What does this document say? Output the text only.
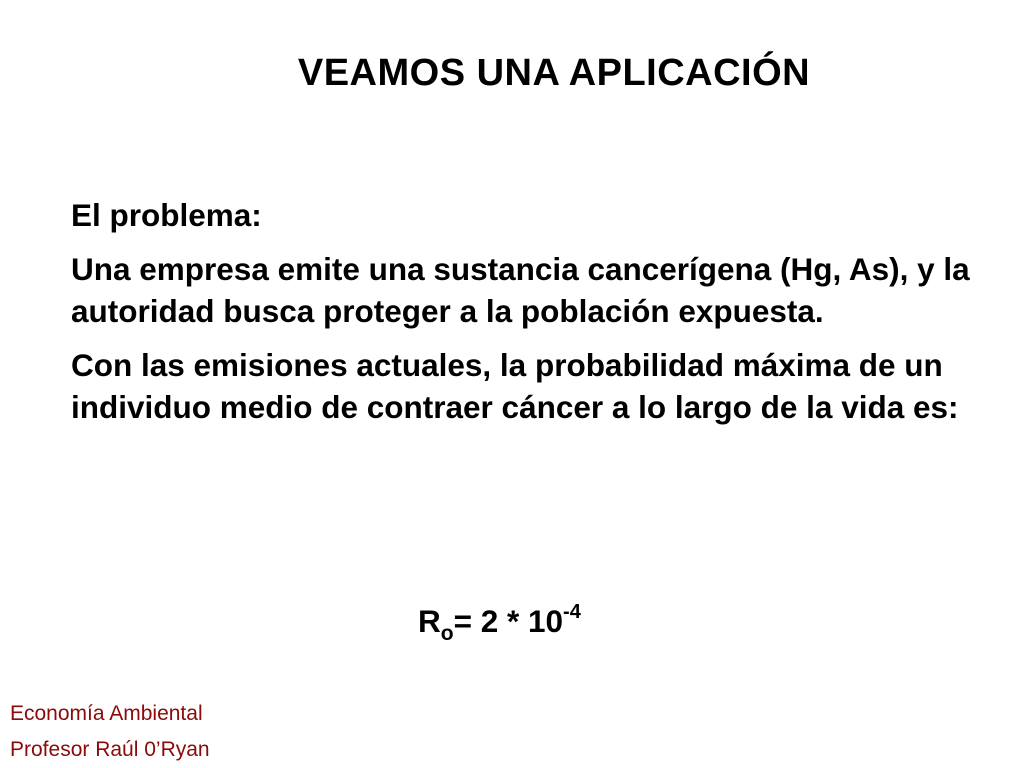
VEAMOS UNA APLICACIÓN

El problema:

Una empresa emite una sustancia cancerígena (Hg, As), y la autoridad busca proteger a la población expuesta.

Con las emisiones actuales, la probabilidad máxima de un individuo medio de contraer cáncer a lo largo de la vida es:

$R_o= 2 * 10^{-4}$
Economía Ambiental
Profesor Raúl 0’Ryan
